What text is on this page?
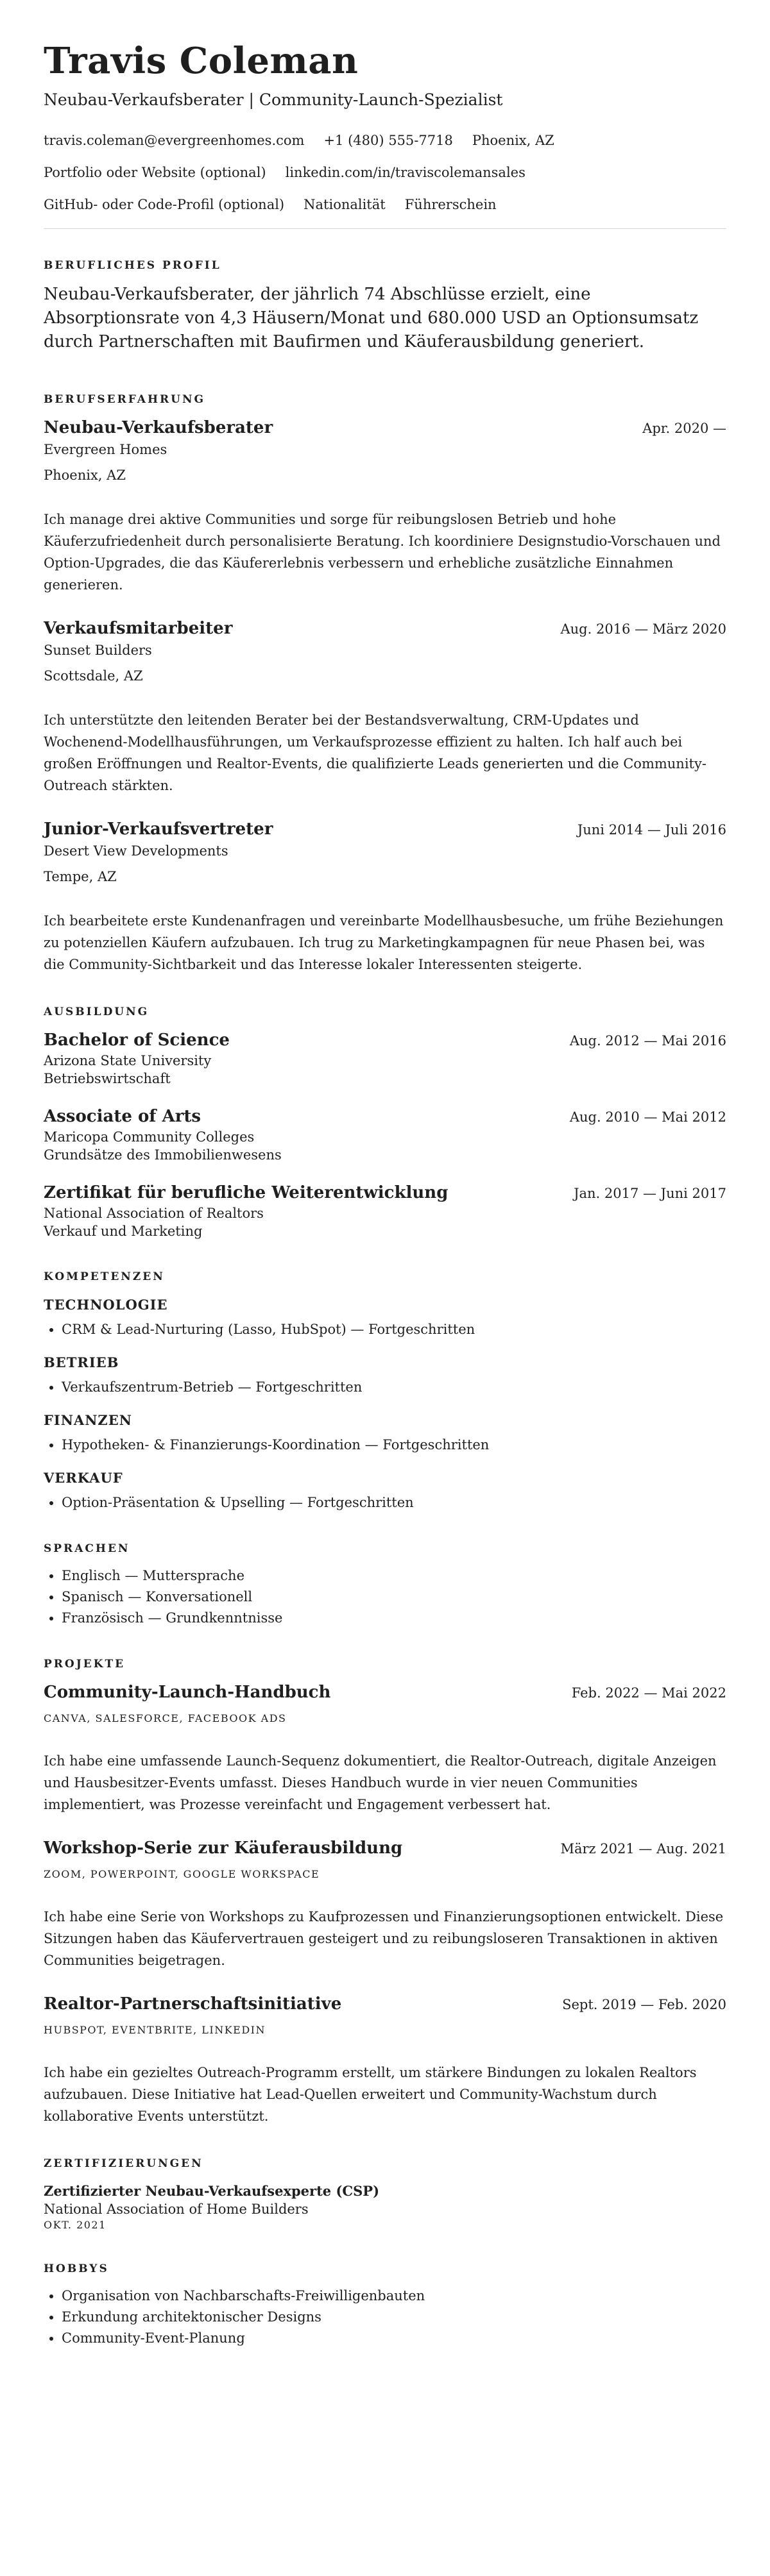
Travis Coleman
Neubau-Verkaufsberater | Community-Launch-Spezialist
travis.coleman@evergreenhomes.com +1 (480) 555-7718 Phoenix, AZ
Portfolio oder Website (optional) linkedin.com/in/traviscolemansales
GitHub- oder Code-Profil (optional) Nationalität Führerschein
BERUFLICHES PROFIL
Neubau-Verkaufsberater, der jährlich 74 Abschlüsse erzielt, eine Absorptionsrate von 4,3 Häusern/Monat und 680.000 USD an Optionsumsatz durch Partnerschaften mit Baufirmen und Käuferausbildung generiert.
BERUFSERFAHRUNG
Neubau-Verkaufsberater	Apr. 2020 —
Evergreen Homes
Phoenix, AZ
Ich manage drei aktive Communities und sorge für reibungslosen Betrieb und hohe Käuferzufriedenheit durch personalisierte Beratung. Ich koordiniere Designstudio-Vorschauen und Option-Upgrades, die das Käufererlebnis verbessern und erhebliche zusätzliche Einnahmen generieren.
Verkaufsmitarbeiter	Aug. 2016 — März 2020
Sunset Builders
Scottsdale, AZ
Ich unterstützte den leitenden Berater bei der Bestandsverwaltung, CRM-Updates und Wochenend-Modellhausführungen, um Verkaufsprozesse effizient zu halten. Ich half auch bei großen Eröffnungen und Realtor-Events, die qualifizierte Leads generierten und die Community-Outreach stärkten.
Junior-Verkaufsvertreter	Juni 2014 — Juli 2016
Desert View Developments
Tempe, AZ
Ich bearbeitete erste Kundenanfragen und vereinbarte Modellhausbesuche, um frühe Beziehungen zu potenziellen Käufern aufzubauen. Ich trug zu Marketingkampagnen für neue Phasen bei, was die Community-Sichtbarkeit und das Interesse lokaler Interessenten steigerte.
AUSBILDUNG
Bachelor of Science	Aug. 2012 — Mai 2016
Arizona State University
Betriebswirtschaft
Associate of Arts	Aug. 2010 — Mai 2012
Maricopa Community Colleges
Grundsätze des Immobilienwesens
Zertifikat für berufliche Weiterentwicklung	Jan. 2017 — Juni 2017
National Association of Realtors
Verkauf und Marketing
KOMPETENZEN
TECHNOLOGIE
• CRM & Lead-Nurturing (Lasso, HubSpot) — Fortgeschritten
BETRIEB
• Verkaufszentrum-Betrieb — Fortgeschritten
FINANZEN
• Hypotheken- & Finanzierungs-Koordination — Fortgeschritten
VERKAUF
• Option-Präsentation & Upselling — Fortgeschritten
SPRACHEN
• Englisch — Muttersprache
• Spanisch — Konversationell
• Französisch — Grundkenntnisse
PROJEKTE
Community-Launch-Handbuch	Feb. 2022 — Mai 2022
CANVA, SALESFORCE, FACEBOOK ADS
Ich habe eine umfassende Launch-Sequenz dokumentiert, die Realtor-Outreach, digitale Anzeigen und Hausbesitzer-Events umfasst. Dieses Handbuch wurde in vier neuen Communities implementiert, was Prozesse vereinfacht und Engagement verbessert hat.
Workshop-Serie zur Käuferausbildung	März 2021 — Aug. 2021
ZOOM, POWERPOINT, GOOGLE WORKSPACE
Ich habe eine Serie von Workshops zu Kaufprozessen und Finanzierungsoptionen entwickelt. Diese Sitzungen haben das Käufervertrauen gesteigert und zu reibungsloseren Transaktionen in aktiven Communities beigetragen.
Realtor-Partnerschaftsinitiative	Sept. 2019 — Feb. 2020
HUBSPOT, EVENTBRITE, LINKEDIN
Ich habe ein gezieltes Outreach-Programm erstellt, um stärkere Bindungen zu lokalen Realtors aufzubauen. Diese Initiative hat Lead-Quellen erweitert und Community-Wachstum durch kollaborative Events unterstützt.
ZERTIFIZIERUNGEN
Zertifizierter Neubau-Verkaufsexperte (CSP)
National Association of Home Builders
OKT. 2021
HOBBYS
• Organisation von Nachbarschafts-Freiwilligenbauten
• Erkundung architektonischer Designs
• Community-Event-Planung
